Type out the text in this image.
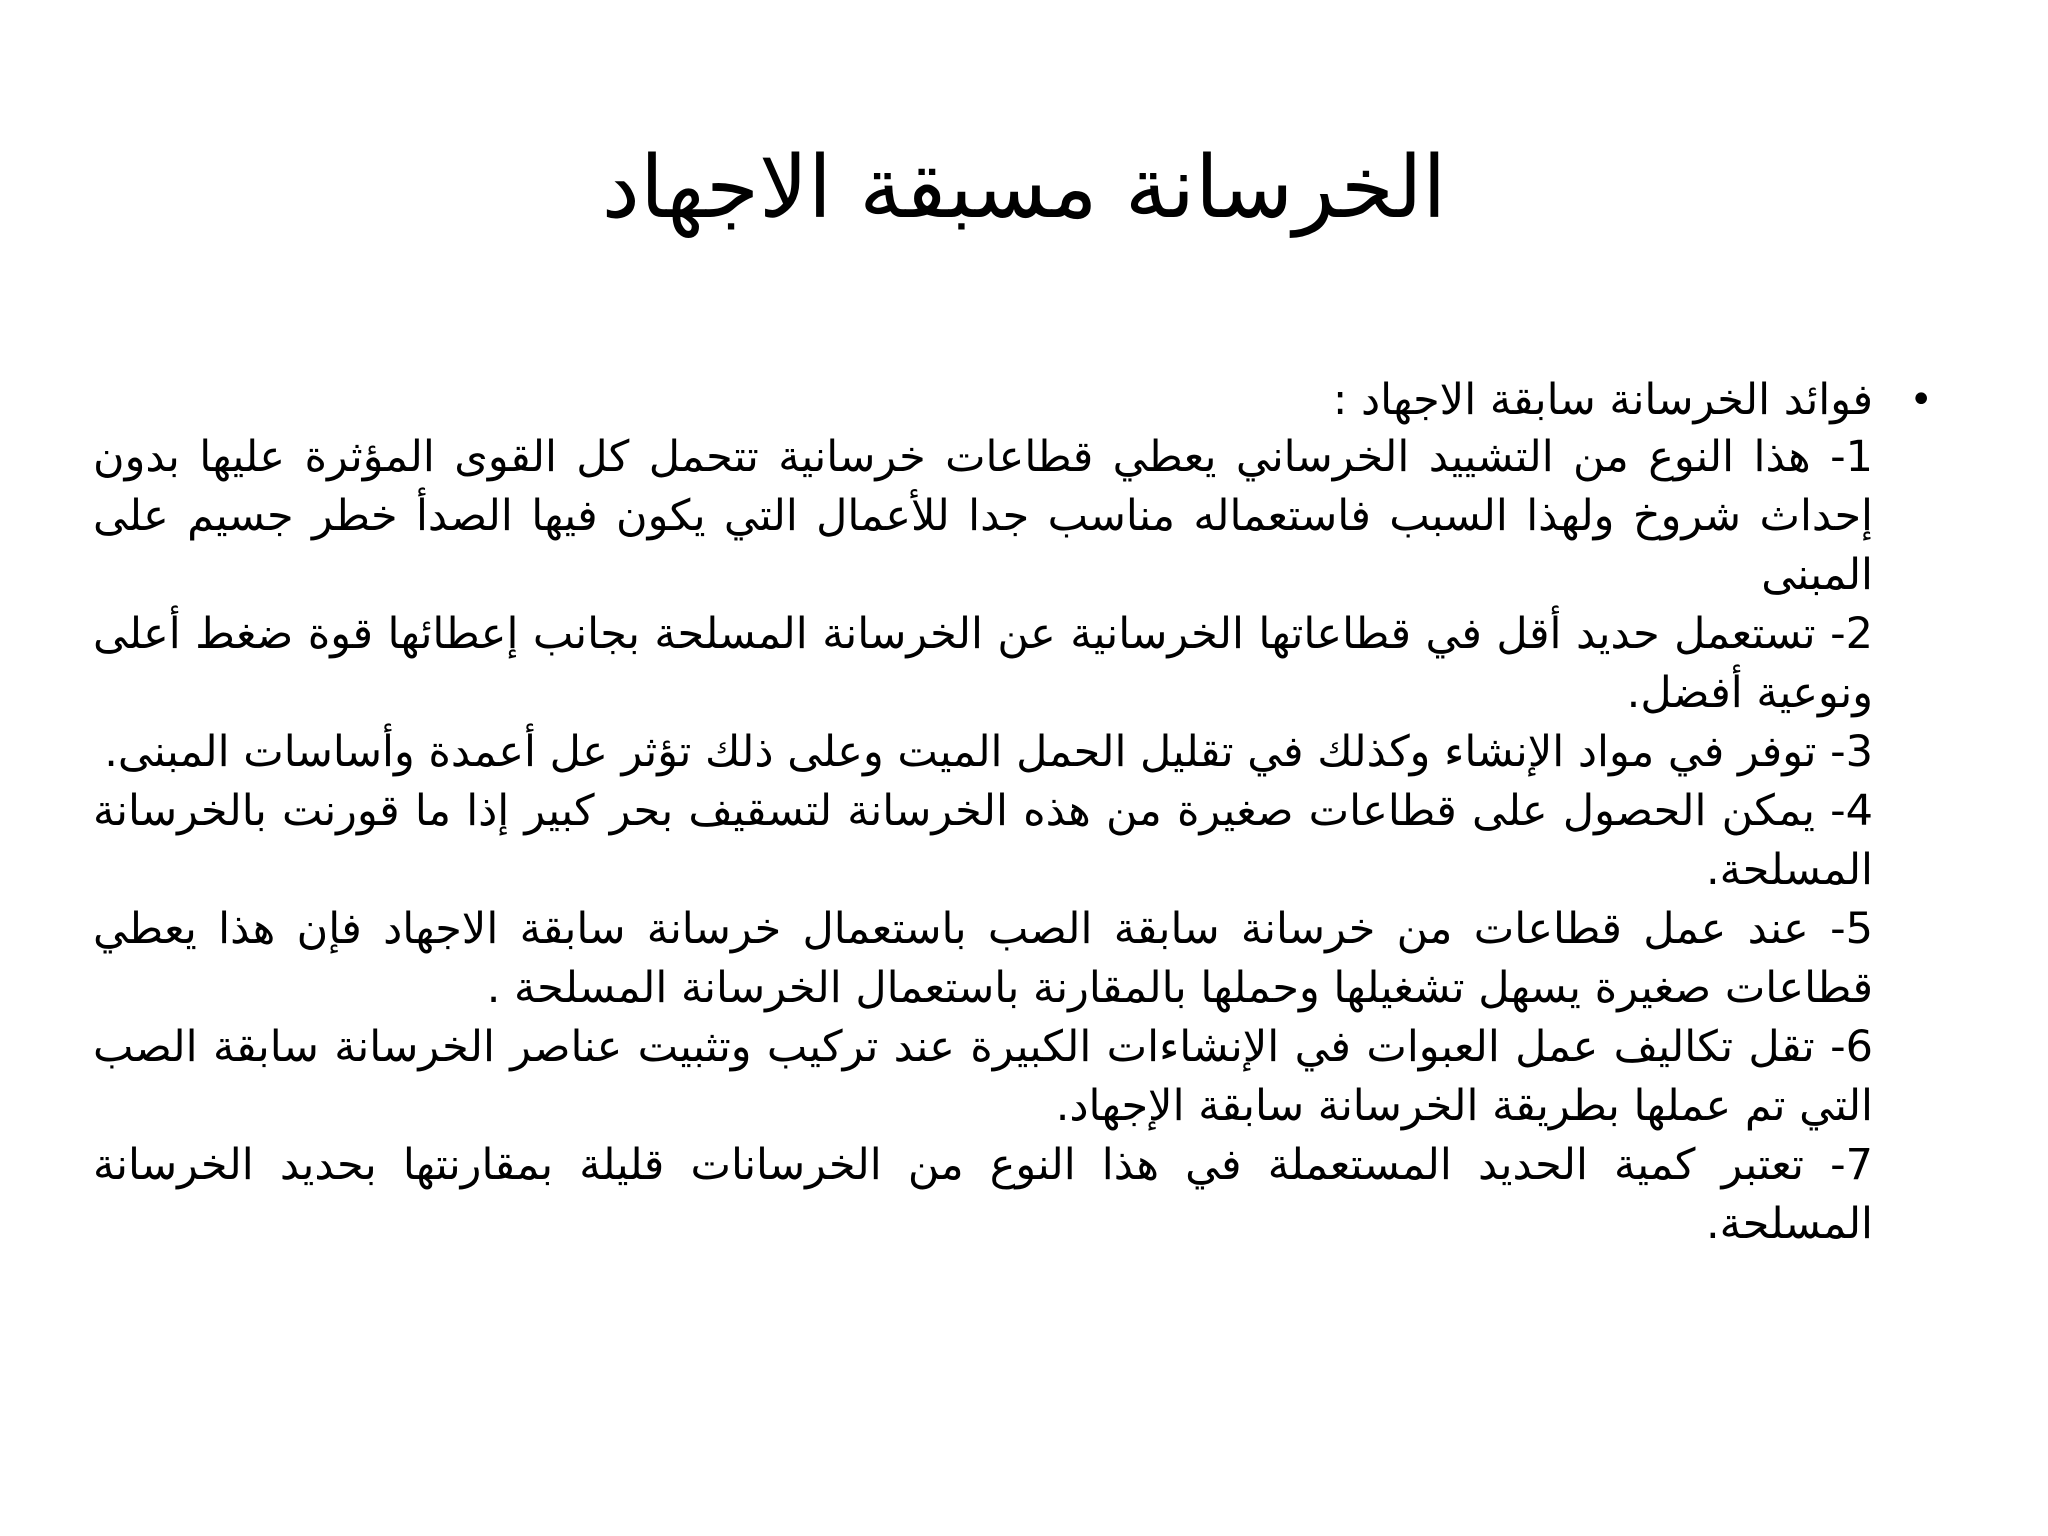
الخرسانة مسبقة الاجهاد
•
فوائد الخرسانة سابقة الاجهاد :
1- هذا النوع من التشييد الخرساني يعطي قطاعات خرسانية تتحمل كل القوى المؤثرة عليها بدون إحداث شروخ ولهذا السبب فاستعماله مناسب جدا للأعمال التي يكون فيها الصدأ خطر جسيم على المبنى
2- تستعمل حديد أقل في قطاعاتها الخرسانية عن الخرسانة المسلحة بجانب إعطائها قوة ضغط أعلى ونوعية أفضل.
3- توفر في مواد الإنشاء وكذلك في تقليل الحمل الميت وعلى ذلك تؤثر عل أعمدة وأساسات المبنى.
4- يمكن الحصول على قطاعات صغيرة من هذه الخرسانة لتسقيف بحر كبير إذا ما قورنت بالخرسانة المسلحة.
5- عند عمل قطاعات من خرسانة سابقة الصب باستعمال خرسانة سابقة الاجهاد فإن هذا يعطي قطاعات صغيرة يسهل تشغيلها وحملها بالمقارنة باستعمال الخرسانة المسلحة .
6- تقل تكاليف عمل العبوات في الإنشاءات الكبيرة عند تركيب وتثبيت عناصر الخرسانة سابقة الصب التي تم عملها بطريقة الخرسانة سابقة الإجهاد.
7- تعتبر كمية الحديد المستعملة في هذا النوع من الخرسانات قليلة بمقارنتها بحديد الخرسانة المسلحة.
